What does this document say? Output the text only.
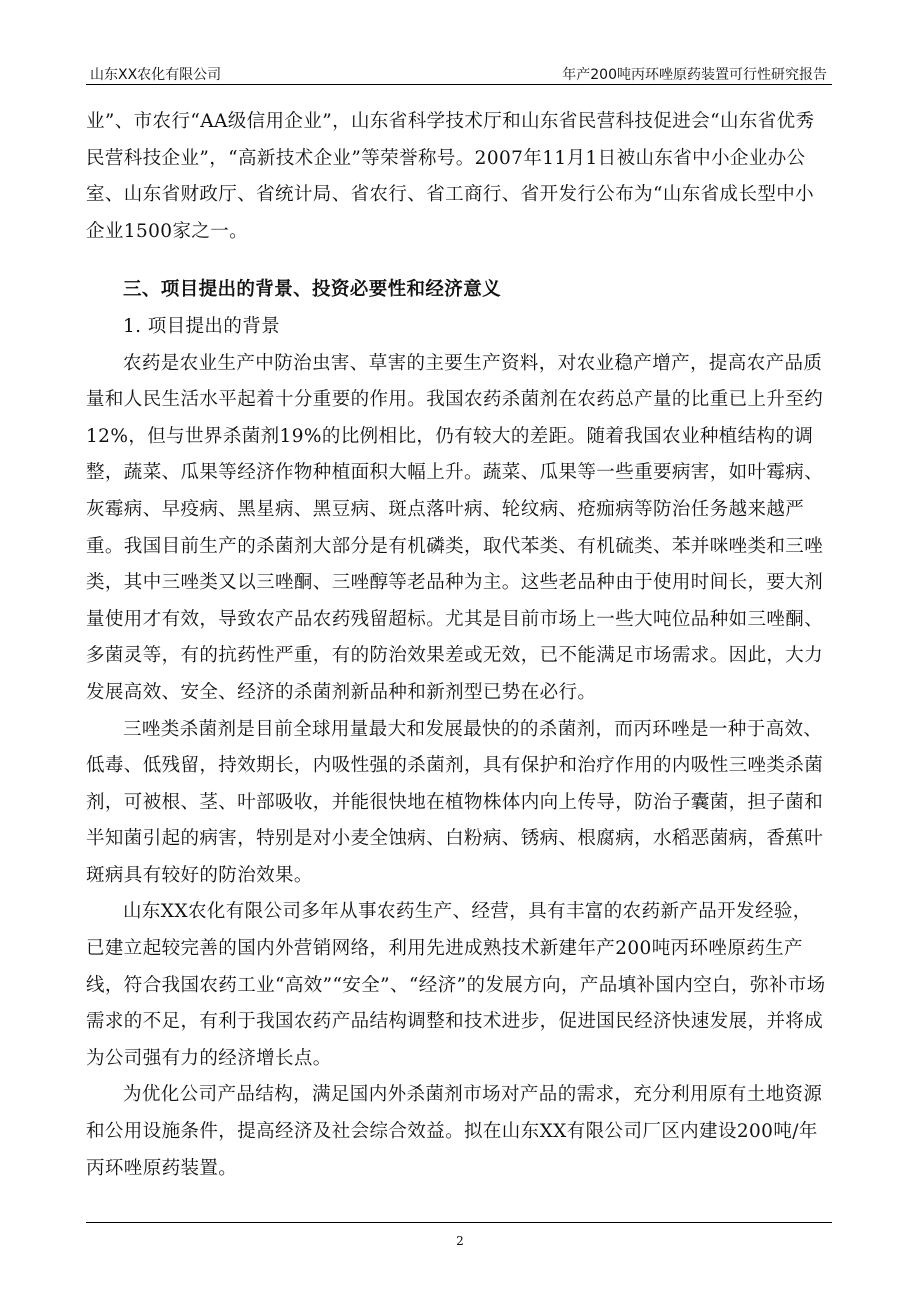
山东XX农化有限公司	年产200吨丙环唑原药装置可行性研究报告

业”、市农行“AA级信用企业”，山东省科学技术厅和山东省民营科技促进会“山东省优秀民营科技企业”，“高新技术企业”等荣誉称号。2007年11月1日被山东省中小企业办公室、山东省财政厅、省统计局、省农行、省工商行、省开发行公布为“山东省成长型中小企业1500家之一。

三、项目提出的背景、投资必要性和经济意义

1. 项目提出的背景

农药是农业生产中防治虫害、草害的主要生产资料，对农业稳产增产，提高农产品质量和人民生活水平起着十分重要的作用。我国农药杀菌剂在农药总产量的比重已上升至约12%，但与世界杀菌剂19%的比例相比，仍有较大的差距。随着我国农业种植结构的调整，蔬菜、瓜果等经济作物种植面积大幅上升。蔬菜、瓜果等一些重要病害，如叶霉病、灰霉病、早疫病、黑星病、黑豆病、斑点落叶病、轮纹病、疮痂病等防治任务越来越严重。我国目前生产的杀菌剂大部分是有机磷类，取代苯类、有机硫类、苯并咪唑类和三唑类，其中三唑类又以三唑酮、三唑醇等老品种为主。这些老品种由于使用时间长，要大剂量使用才有效，导致农产品农药残留超标。尤其是目前市场上一些大吨位品种如三唑酮、多菌灵等，有的抗药性严重，有的防治效果差或无效，已不能满足市场需求。因此，大力发展高效、安全、经济的杀菌剂新品种和新剂型已势在必行。

三唑类杀菌剂是目前全球用量最大和发展最快的的杀菌剂，而丙环唑是一种于高效、低毒、低残留，持效期长，内吸性强的杀菌剂，具有保护和治疗作用的内吸性三唑类杀菌剂，可被根、茎、叶部吸收，并能很快地在植物株体内向上传导，防治子囊菌，担子菌和半知菌引起的病害，特别是对小麦全蚀病、白粉病、锈病、根腐病，水稻恶菌病，香蕉叶斑病具有较好的防治效果。

山东XX农化有限公司多年从事农药生产、经营，具有丰富的农药新产品开发经验，已建立起较完善的国内外营销网络，利用先进成熟技术新建年产200吨丙环唑原药生产线，符合我国农药工业“高效”“安全”、“经济”的发展方向，产品填补国内空白，弥补市场需求的不足，有利于我国农药产品结构调整和技术进步，促进国民经济快速发展，并将成为公司强有力的经济增长点。

为优化公司产品结构，满足国内外杀菌剂市场对产品的需求，充分利用原有土地资源和公用设施条件，提高经济及社会综合效益。拟在山东XX有限公司厂区内建设200吨/年丙环唑原药装置。

2
